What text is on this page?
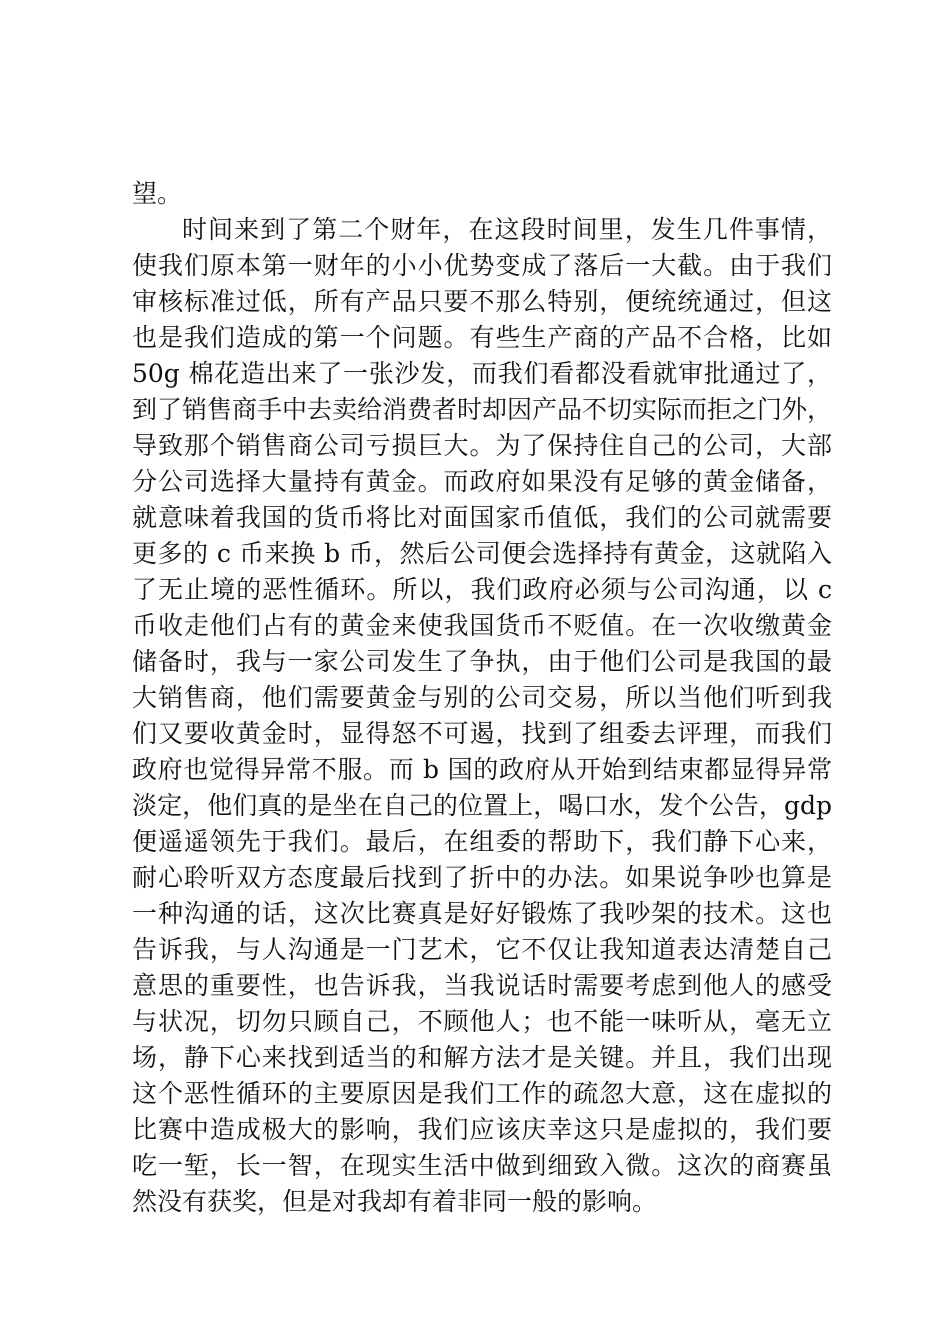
望。
时间来到了第二个财年，在这段时间里，发生几件事情，
使我们原本第一财年的小小优势变成了落后一大截。由于我们
审核标准过低，所有产品只要不那么特别，便统统通过，但这
也是我们造成的第一个问题。有些生产商的产品不合格，比如
50g 棉花造出来了一张沙发，而我们看都没看就审批通过了，
到了销售商手中去卖给消费者时却因产品不切实际而拒之门外，
导致那个销售商公司亏损巨大。为了保持住自己的公司，大部
分公司选择大量持有黄金。而政府如果没有足够的黄金储备，
就意味着我国的货币将比对面国家币值低，我们的公司就需要
更多的 c 币来换 b 币，然后公司便会选择持有黄金，这就陷入
了无止境的恶性循环。所以，我们政府必须与公司沟通，以 c
币收走他们占有的黄金来使我国货币不贬值。在一次收缴黄金
储备时，我与一家公司发生了争执，由于他们公司是我国的最
大销售商，他们需要黄金与别的公司交易，所以当他们听到我
们又要收黄金时，显得怒不可遏，找到了组委去评理，而我们
政府也觉得异常不服。而 b 国的政府从开始到结束都显得异常
淡定，他们真的是坐在自己的位置上，喝口水，发个公告，gdp
便遥遥领先于我们。最后，在组委的帮助下，我们静下心来，
耐心聆听双方态度最后找到了折中的办法。如果说争吵也算是
一种沟通的话，这次比赛真是好好锻炼了我吵架的技术。这也
告诉我，与人沟通是一门艺术，它不仅让我知道表达清楚自己
意思的重要性，也告诉我，当我说话时需要考虑到他人的感受
与状况，切勿只顾自己，不顾他人；也不能一味听从，毫无立
场，静下心来找到适当的和解方法才是关键。并且，我们出现
这个恶性循环的主要原因是我们工作的疏忽大意，这在虚拟的
比赛中造成极大的影响，我们应该庆幸这只是虚拟的，我们要
吃一堑，长一智，在现实生活中做到细致入微。这次的商赛虽
然没有获奖，但是对我却有着非同一般的影响。
